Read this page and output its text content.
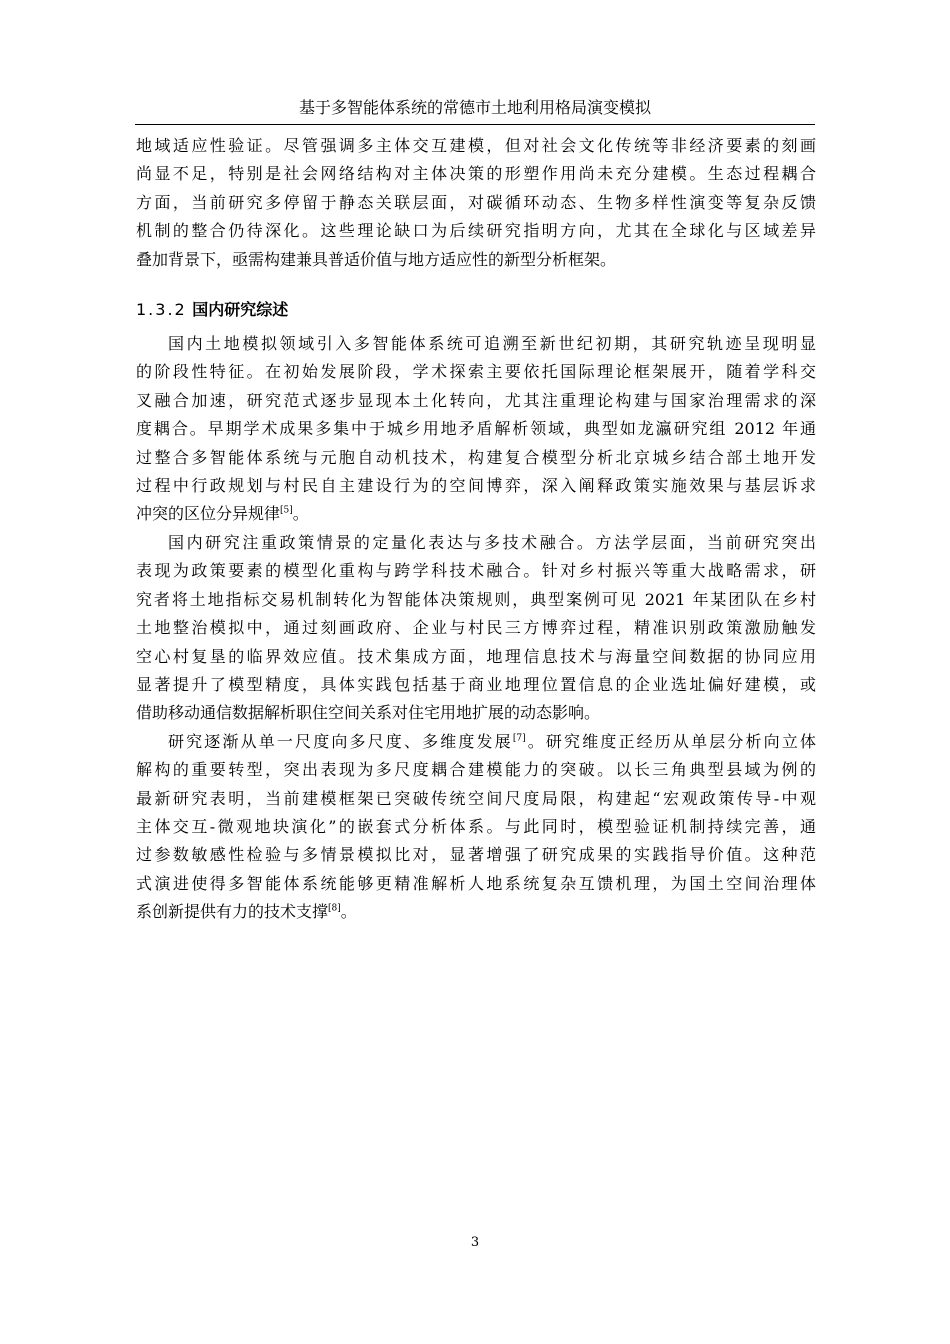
基于多智能体系统的常德市土地利用格局演变模拟

地域适应性验证。尽管强调多主体交互建模，但对社会文化传统等非经济要素的刻画
尚显不足，特别是社会网络结构对主体决策的形塑作用尚未充分建模。生态过程耦合
方面，当前研究多停留于静态关联层面，对碳循环动态、生物多样性演变等复杂反馈
机制的整合仍待深化。这些理论缺口为后续研究指明方向，尤其在全球化与区域差异
叠加背景下，亟需构建兼具普适价值与地方适应性的新型分析框架。

1.3.2 国内研究综述

国内土地模拟领域引入多智能体系统可追溯至新世纪初期，其研究轨迹呈现明显
的阶段性特征。在初始发展阶段，学术探索主要依托国际理论框架展开，随着学科交
叉融合加速，研究范式逐步显现本土化转向，尤其注重理论构建与国家治理需求的深
度耦合。早期学术成果多集中于城乡用地矛盾解析领域，典型如龙瀛研究组 2012 年通
过整合多智能体系统与元胞自动机技术，构建复合模型分析北京城乡结合部土地开发
过程中行政规划与村民自主建设行为的空间博弈，深入阐释政策实施效果与基层诉求
冲突的区位分异规律[5]。

国内研究注重政策情景的定量化表达与多技术融合。方法学层面，当前研究突出
表现为政策要素的模型化重构与跨学科技术融合。针对乡村振兴等重大战略需求，研
究者将土地指标交易机制转化为智能体决策规则，典型案例可见 2021 年某团队在乡村
土地整治模拟中，通过刻画政府、企业与村民三方博弈过程，精准识别政策激励触发
空心村复垦的临界效应值。技术集成方面，地理信息技术与海量空间数据的协同应用
显著提升了模型精度，具体实践包括基于商业地理位置信息的企业选址偏好建模，或
借助移动通信数据解析职住空间关系对住宅用地扩展的动态影响。

研究逐渐从单一尺度向多尺度、多维度发展[7]。研究维度正经历从单层分析向立体
解构的重要转型，突出表现为多尺度耦合建模能力的突破。以长三角典型县域为例的
最新研究表明，当前建模框架已突破传统空间尺度局限，构建起“宏观政策传导-中观
主体交互-微观地块演化”的嵌套式分析体系。与此同时，模型验证机制持续完善，通
过参数敏感性检验与多情景模拟比对，显著增强了研究成果的实践指导价值。这种范
式演进使得多智能体系统能够更精准解析人地系统复杂互馈机理，为国土空间治理体
系创新提供有力的技术支撑[8]。

3
